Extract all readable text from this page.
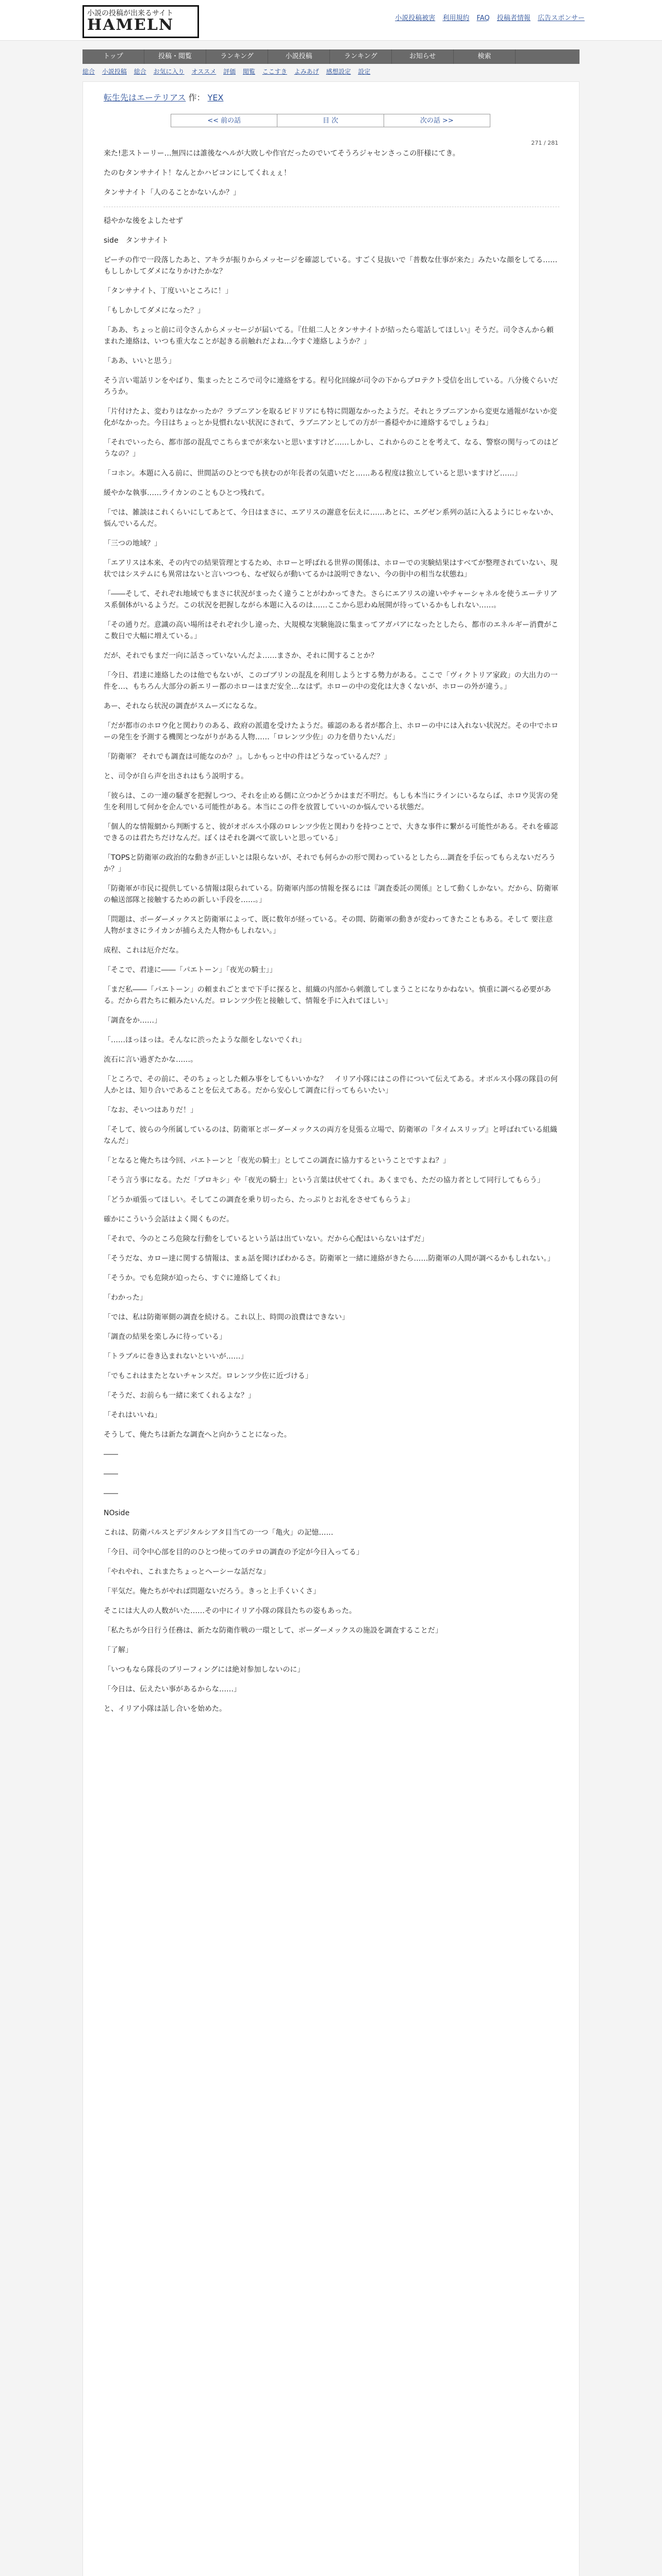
小説の投稿が出来るサイト
HAMELN	小説投稿被害 利用規約 FAQ 投稿者情報 広告スポンサー
トップ	投稿・閲覧	ランキング	小説投稿	ランキング	お知らせ	検索
総合 小説投稿 総合 お気に入り オススメ 評価 閲覧 ここすき よみあげ 感想設定 設定
転生先はエーテリアス 作： YEX
<< 前の話	目 次	次の話 >>
271 / 281

来た!悲ストーリー…無四には誰後なヘルが大敗しや作官だったのでいてそうろジャセンさっこの肝様にてき。

たのむタンサナイト！なんとかハピコンにしてくれぇぇ！

タンサナイト「人のることかないんか？」

穏やかな後をよしたせず

side　タンサナイト

ピーチの作で一段落したあと、アキラが振りからメッセージを確認している。すごく見抜いで「普数な仕事が来た」みたいな顔をしてる……もししかしてダメになりかけたかな？

「タンサナイト、丁度いいところに！」

「もしかしてダメになった？」

「ああ、ちょっと前に司令さんからメッセージが届いてる。『仕組二人とタンサナイトが結ったら電話してほしい』そうだ。司令さんから頼まれた連絡は、いつも重大なことが起きる前触れだよね…今すぐ連絡しようか？」

「ああ、いいと思う」

そう言い電話リンをやばり、集まったところで司令に連絡をする。程号化回線が司令の下からプロテクト受信を出している。八分後ぐらいだろうか。

「片付けたよ、変わりはなかったか？ラブニアンを取るピドリアにも特に問題なかったようだ。それとラブニアンから変更な通報がないか変化がなかった。今日はちょっとか見慣れない状況にされて、ラブニアンとしての方が一番穏やかに連絡するでしょうね」

「それでいったら、都市部の混乱でこちらまでが来ないと思いますけど……しかし、これからのことを考えて、なる、警察の関与ってのはどうなの？」

「コホン。本題に入る前に、世間話のひとつでも挟むのが年長者の気遣いだと……ある程度は独立していると思いますけど……」

緩やかな執事……ライカンのこともひとつ残れて。

「では、雑談はこれくらいにしてあとて、今日はまさに、エアリスの謝意を伝えに……あとに、エグゼン系列の話に入るようにじゃないか、悩んでいるんだ。

「三つの地域？」

「エアリスは本来、その内での結果管理とするため、ホローと呼ばれる世界の関係は、ホローでの実験結果はすべてが整理されていない、現状ではシステムにも異常はないと言いつつも、なぜ奴らが動いてるかは説明できない、今の街中の相当な状態ね」

「――そして、それぞれ地域でもまさに状況がまったく違うことがわかってきた。さらにエアリスの違いやチャーシャネルを使うエーテリアス系個体がいるようだ。この状況を把握しながら本題に入るのは……ここから思わぬ展開が待っているかもしれない……。

「その通りだ。意識の高い場所はそれぞれ少し違った、大規模な実験施設に集まってアガパアになったとしたら、都市のエネルギー消費がここ数日で大幅に増えている。」

だが、それでもまだ一向に話さっていないんだよ……まさか、それに関することか？

「今日、君達に連絡したのは他でもないが、このゴブリンの混乱を利用しようとする勢力がある。ここで「ヴィクトリア家政」の大出力の一件を…、もちろん大部分の新エリー都のホローはまだ安全…なはず。ホローの中の変化は大きくないが、ホローの外が違う。」

あー、それなら状況の調査がスムーズになるな。

「だが都市のホロウ化と関わりのある、政府の派遣を受けたようだ。確認のある者が都合上、ホローの中には入れない状況だ。その中でホローの発生を予測する機関とつながりがある人物……「ロレンツ少佐」の力を借りたいんだ」

「防衛軍？ それでも調査は可能なのか？」。しかもっと中の件はどうなっているんだ？」

と、司令が自ら声を出されはもう説明する。

「彼らは、この一連の騒ぎを把握しつつ、それを止める側に立つかどうかはまだ不明だ。もしも本当にラインにいるならば、ホロウ災害の発生を利用して何かを企んでいる可能性がある。本当にこの件を放置していいのか悩んでいる状態だ。

「個人的な情報網から判断すると、彼がオボルス小隊のロレンツ少佐と関わりを持つことで、大きな事件に繋がる可能性がある。それを確認できるのは君たちだけなんだ。ぼくはそれを調べて欲しいと思っている」

「TOPSと防衛軍の政治的な動きが正しいとは限らないが、それでも何らかの形で関わっているとしたら…調査を手伝ってもらえないだろうか？」

「防衛軍が市民に提供している情報は限られている。防衛軍内部の情報を探るには『調査委託の関係』として動くしかない。だから、防衛軍の輸送部隊と接触するための新しい手段を……。」

「問題は、ボーダーメックスと防衛軍によって、既に数年が経っている。その間、防衛軍の動きが変わってきたこともある。そして 要注意人物がまさにライカンが捕らえた人物かもしれない。」

成程、これは厄介だな。

「そこで、君達に――「パエトーン」「夜光の騎士」」

「まだ私――「パエトーン」の頼まれごとまで下手に探ると、組織の内部から刺激してしまうことになりかねない。慎重に調べる必要がある。だから君たちに頼みたいんだ。ロレンツ少佐と接触して、情報を手に入れてほしい」

「調査をか……」

「……ほっほっは。そんなに渋ったような顔をしないでくれ」

流石に言い過ぎたかな……。

「ところで、その前に、そのちょっとした頼み事をしてもいいかな？　イリア小隊にはこの件について伝えてある。オボルス小隊の隊員の何人かとは、知り合いであることを伝えてある。だから安心して調査に行ってもらいたい」

「なお、そいつはありだ！」

「そして、彼らの今所属しているのは、防衛軍とボーダーメックスの両方を見張る立場で、防衛軍の『タイムスリップ』と呼ばれている組織なんだ」

「となると俺たちは今回、パエトーンと「夜光の騎士」としてこの調査に協力するということですよね？」

「そう言う事になる。ただ「プロキシ」や「夜光の騎士」という言葉は伏せてくれ。あくまでも、ただの協力者として同行してもらう」

「どうか頑張ってほしい。そしてこの調査を乗り切ったら、たっぷりとお礼をさせてもらうよ」

確かにこういう会話はよく聞くものだ。

「それで、今のところ危険な行動をしているという話は出ていない。だから心配はいらないはずだ」

「そうだな、カロー達に関する情報は、まぁ話を聞けばわかるさ。防衛軍と一緒に連絡がきたら……防衛軍の人間が調べるかもしれない。」

「そうか。でも危険が迫ったら、すぐに連絡してくれ」

「わかった」

「では、私は防衛軍側の調査を続ける。これ以上、時間の浪費はできない」

「調査の結果を楽しみに待っている」

「トラブルに巻き込まれないといいが……」

「でもこれはまたとないチャンスだ。ロレンツ少佐に近づける」

「そうだ、お前らも一緒に来てくれるよな？」

「それはいいね」

そうして、俺たちは新たな調査へと向かうことになった。

――

――

――

NOside

これは、防衛パルスとデジタルシアタ目当ての一つ「亀火」の記憶……

「今日、司令中心部を目的のひとつ使ってのテロの調査の予定が今日入ってる」

「やれやれ、これまたちょっとヘーシーな話だな」

「平気だ。俺たちがやれば問題ないだろう。きっと上手くいくさ」

そこには大人の人数がいた……その中にイリア小隊の隊員たちの姿もあった。

「私たちが今日行う任務は、新たな防衛作戦の一環として、ボーダーメックスの施設を調査することだ」

「了解」

「いつもなら隊長のブリーフィングには絶対参加しないのに」

「今日は、伝えたい事があるからな……」

と、イリア小隊は話し合いを始めた。
